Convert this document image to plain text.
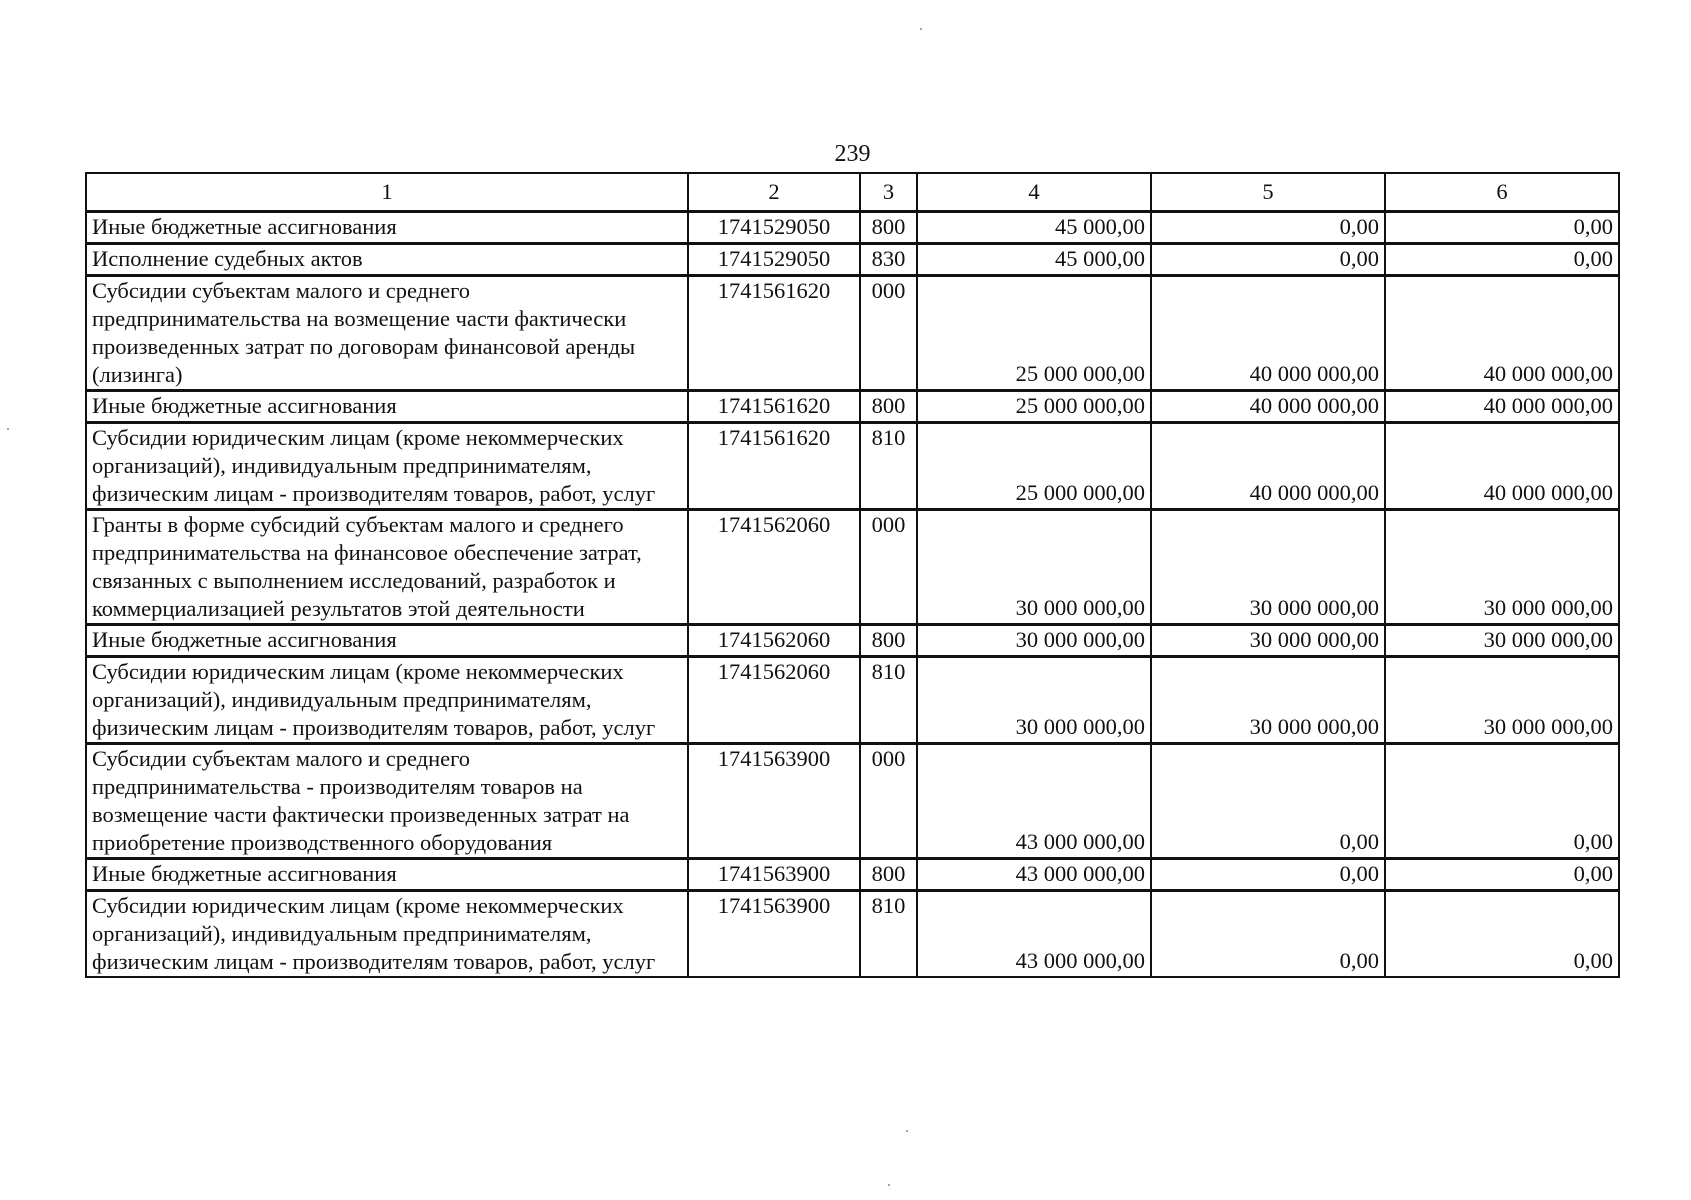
239
1	2	3	4	5	6
Иные бюджетные ассигнования	1741529050	800	45 000,00	0,00	0,00
Исполнение судебных актов	1741529050	830	45 000,00	0,00	0,00
Субсидии субъектам малого и среднего предпринимательства на возмещение части фактически произведенных затрат по договорам финансовой аренды (лизинга)	1741561620	000	25 000 000,00	40 000 000,00	40 000 000,00
Иные бюджетные ассигнования	1741561620	800	25 000 000,00	40 000 000,00	40 000 000,00
Субсидии юридическим лицам (кроме некоммерческих организаций), индивидуальным предпринимателям, физическим лицам - производителям товаров, работ, услуг	1741561620	810	25 000 000,00	40 000 000,00	40 000 000,00
Гранты в форме субсидий субъектам малого и среднего предпринимательства на финансовое обеспечение затрат, связанных с выполнением исследований, разработок и коммерциализацией результатов этой деятельности	1741562060	000	30 000 000,00	30 000 000,00	30 000 000,00
Иные бюджетные ассигнования	1741562060	800	30 000 000,00	30 000 000,00	30 000 000,00
Субсидии юридическим лицам (кроме некоммерческих организаций), индивидуальным предпринимателям, физическим лицам - производителям товаров, работ, услуг	1741562060	810	30 000 000,00	30 000 000,00	30 000 000,00
Субсидии субъектам малого и среднего предпринимательства - производителям товаров на возмещение части фактически произведенных затрат на приобретение производственного оборудования	1741563900	000	43 000 000,00	0,00	0,00
Иные бюджетные ассигнования	1741563900	800	43 000 000,00	0,00	0,00
Субсидии юридическим лицам (кроме некоммерческих организаций), индивидуальным предпринимателям, физическим лицам - производителям товаров, работ, услуг	1741563900	810	43 000 000,00	0,00	0,00
